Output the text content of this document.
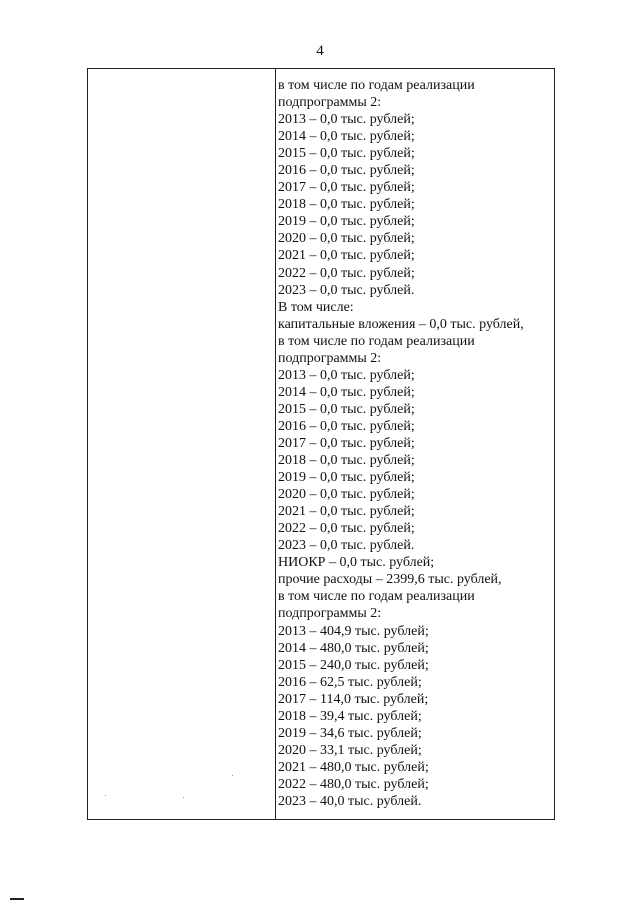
4
в том числе по годам реализации
подпрограммы 2:
2013 – 0,0 тыс. рублей;
2014 – 0,0 тыс. рублей;
2015 – 0,0 тыс. рублей;
2016 – 0,0 тыс. рублей;
2017 – 0,0 тыс. рублей;
2018 – 0,0 тыс. рублей;
2019 – 0,0 тыс. рублей;
2020 – 0,0 тыс. рублей;
2021 – 0,0 тыс. рублей;
2022 – 0,0 тыс. рублей;
2023 – 0,0 тыс. рублей.
В том числе:
капитальные вложения – 0,0 тыс. рублей,
в том числе по годам реализации
подпрограммы 2:
2013 – 0,0 тыс. рублей;
2014 – 0,0 тыс. рублей;
2015 – 0,0 тыс. рублей;
2016 – 0,0 тыс. рублей;
2017 – 0,0 тыс. рублей;
2018 – 0,0 тыс. рублей;
2019 – 0,0 тыс. рублей;
2020 – 0,0 тыс. рублей;
2021 – 0,0 тыс. рублей;
2022 – 0,0 тыс. рублей;
2023 – 0,0 тыс. рублей.
НИОКР – 0,0 тыс. рублей;
прочие расходы – 2399,6 тыс. рублей,
в том числе по годам реализации
подпрограммы 2:
2013 – 404,9 тыс. рублей;
2014 – 480,0 тыс. рублей;
2015 – 240,0 тыс. рублей;
2016 – 62,5 тыс. рублей;
2017 – 114,0 тыс. рублей;
2018 – 39,4 тыс. рублей;
2019 – 34,6 тыс. рублей;
2020 – 33,1 тыс. рублей;
2021 – 480,0 тыс. рублей;
2022 – 480,0 тыс. рублей;
2023 – 40,0 тыс. рублей.
